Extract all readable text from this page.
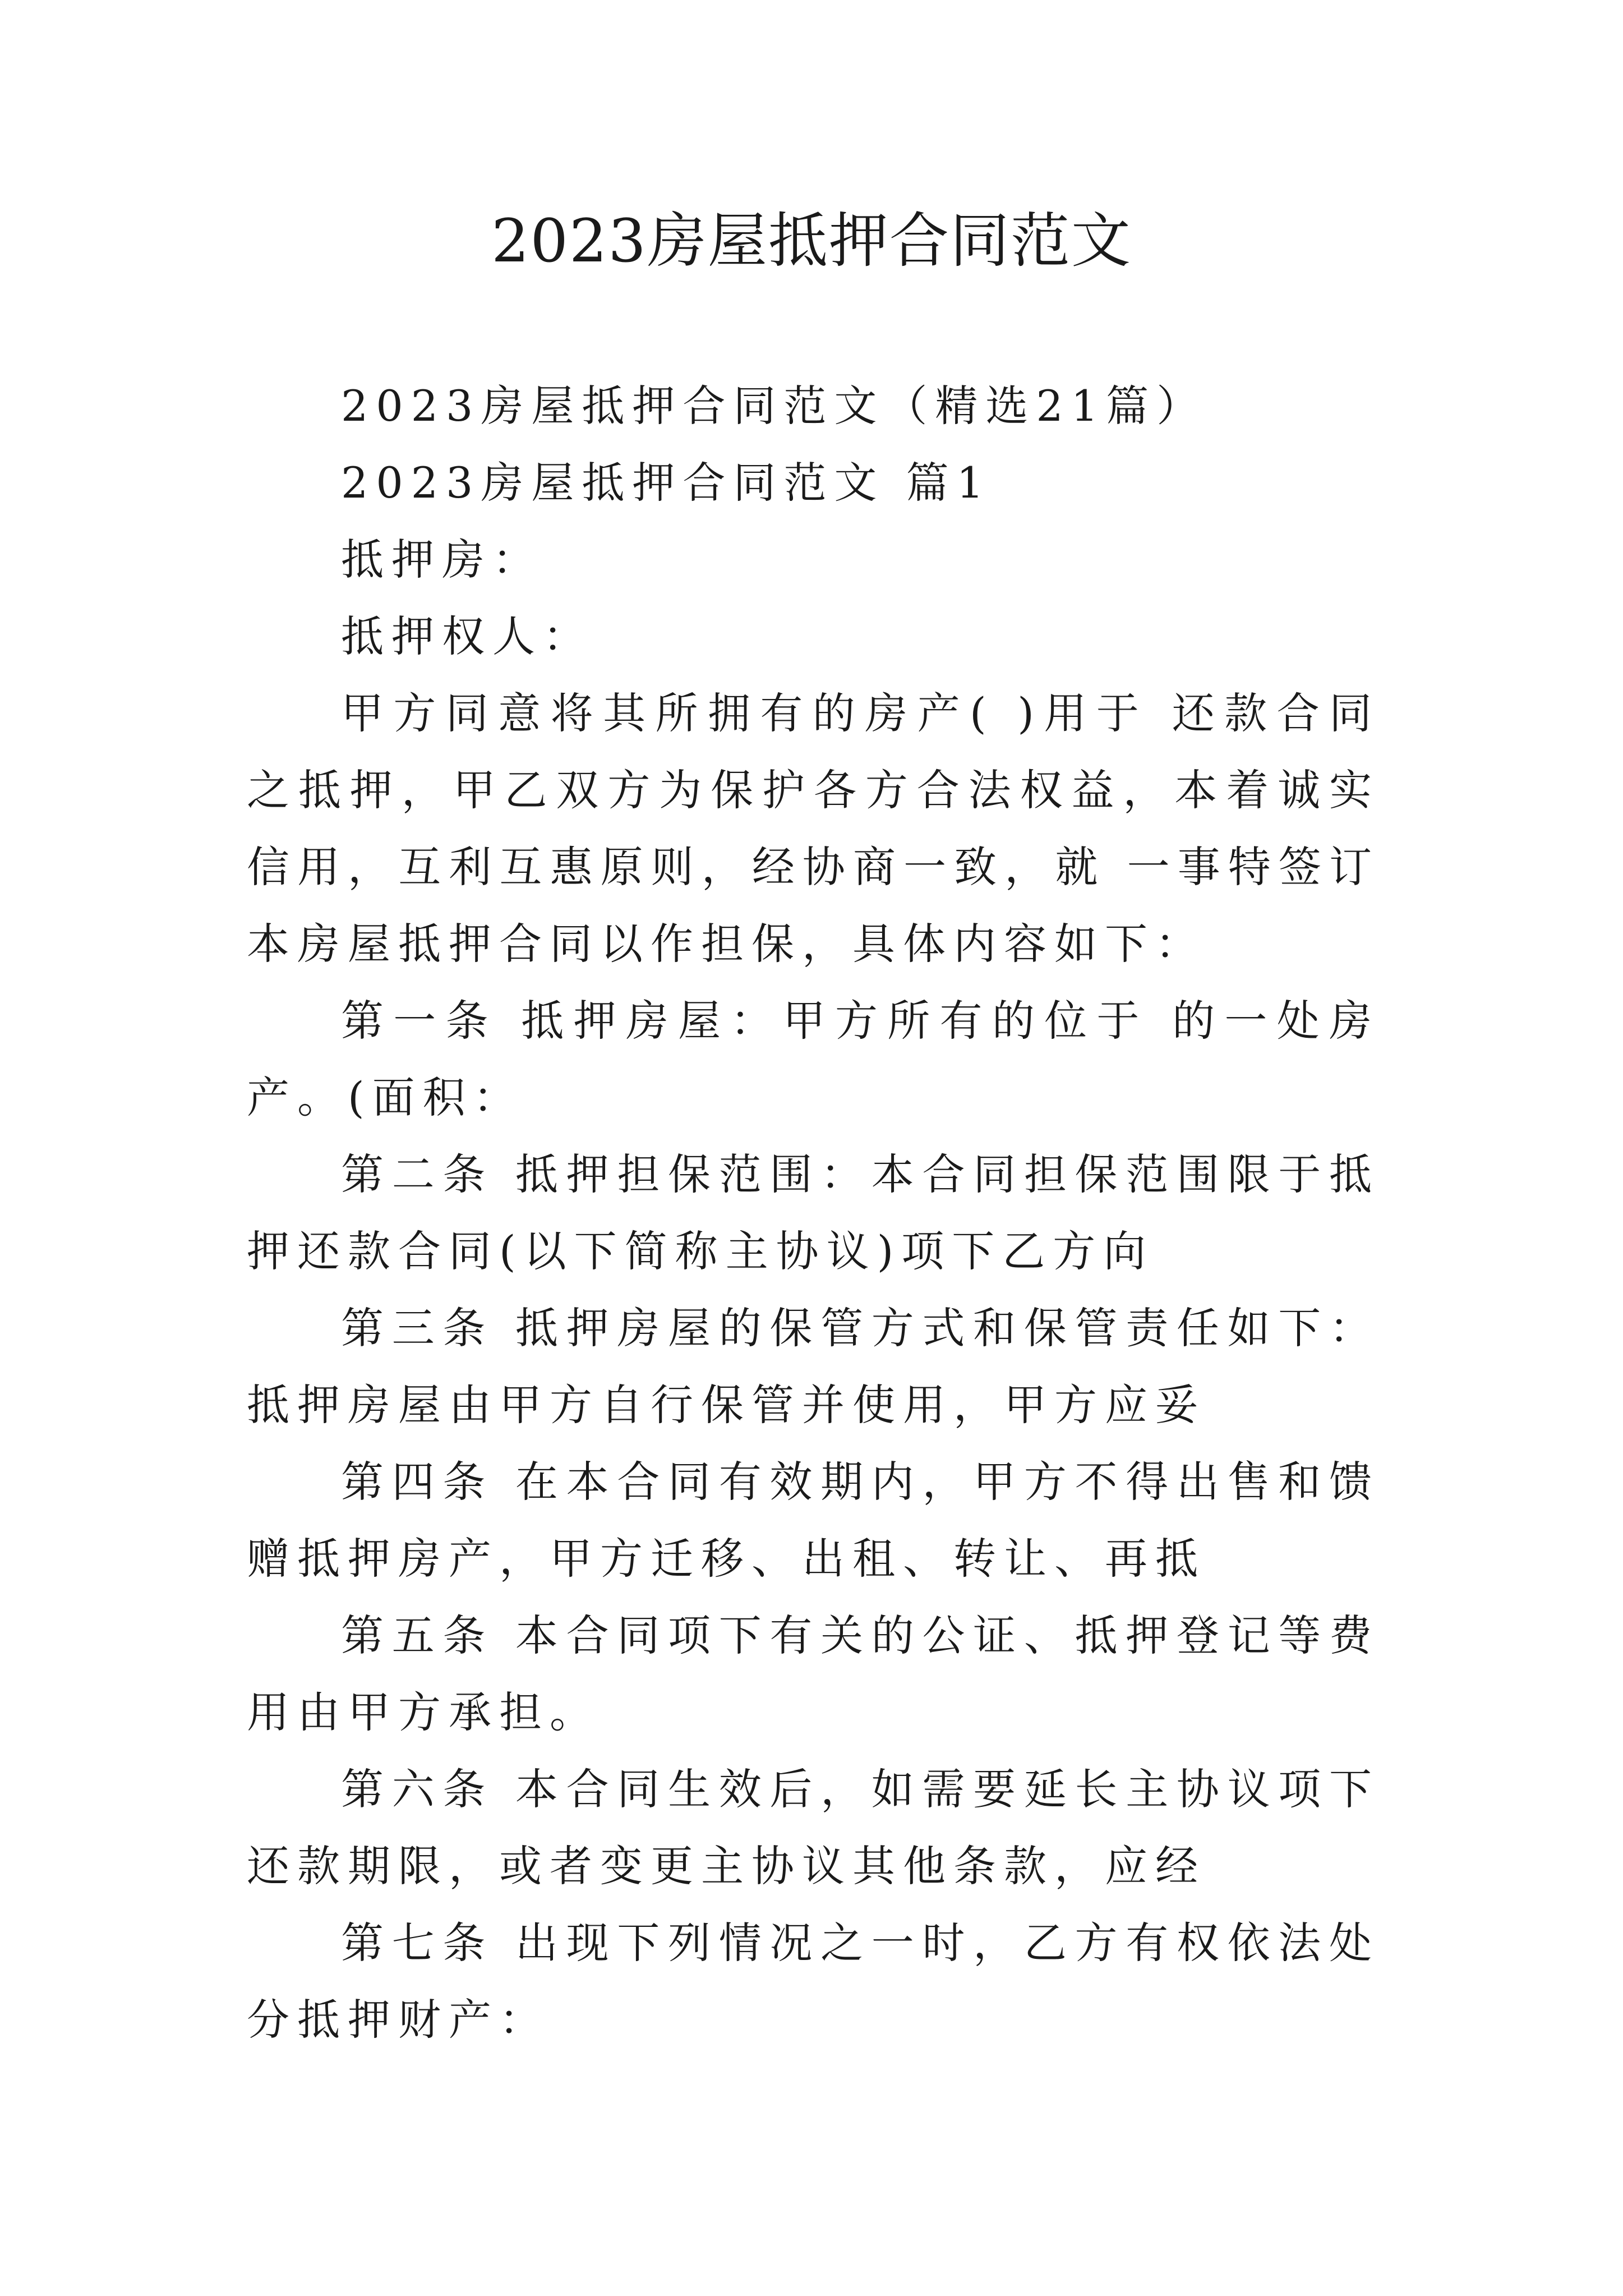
2023房屋抵押合同范文

2023房屋抵押合同范文（精选21篇）

2023房屋抵押合同范文 篇1

抵押房：

抵押权人：

甲方同意将其所拥有的房产( )用于 还款合同之抵押，甲乙双方为保护各方合法权益，本着诚实信用，互利互惠原则，经协商一致，就 一事特签订本房屋抵押合同以作担保，具体内容如下：

第一条 抵押房屋：甲方所有的位于 的一处房产。(面积：

第二条 抵押担保范围：本合同担保范围限于抵押还款合同(以下简称主协议)项下乙方向

第三条 抵押房屋的保管方式和保管责任如下：抵押房屋由甲方自行保管并使用，甲方应妥

第四条 在本合同有效期内，甲方不得出售和馈赠抵押房产，甲方迁移、出租、转让、再抵

第五条 本合同项下有关的公证、抵押登记等费用由甲方承担。

第六条 本合同生效后，如需要延长主协议项下还款期限，或者变更主协议其他条款，应经

第七条 出现下列情况之一时，乙方有权依法处分抵押财产：
